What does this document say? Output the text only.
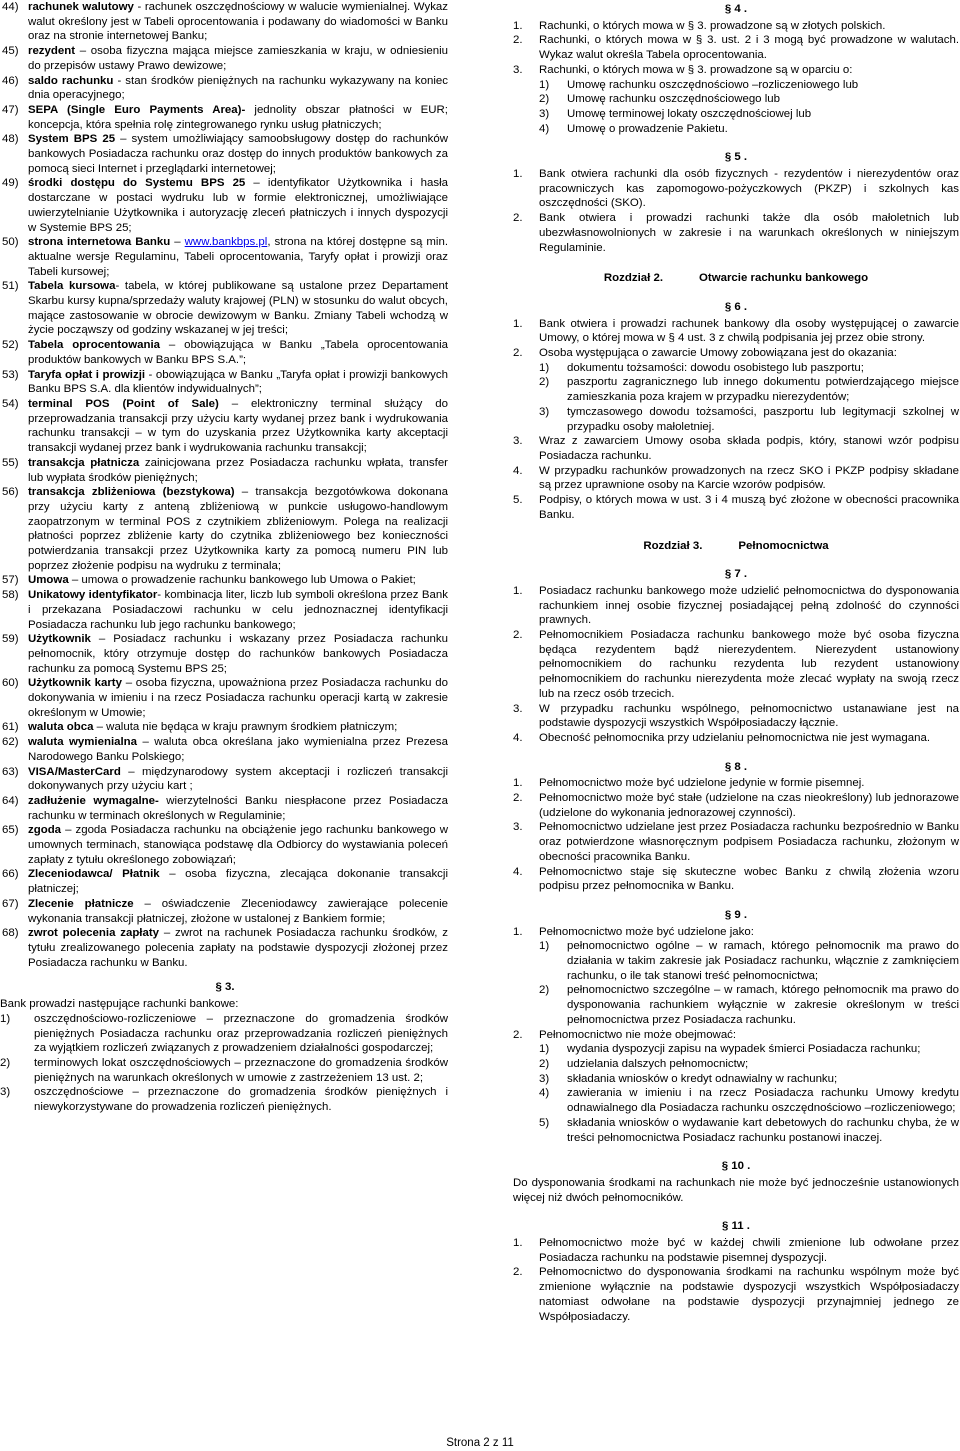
44) rachunek walutowy - rachunek oszczędnościowy w walucie wymienialnej. Wykaz walut określony jest w Tabeli oprocentowania i podawany do wiadomości w Banku oraz na stronie internetowej Banku;
45) rezydent – osoba fizyczna mająca miejsce zamieszkania w kraju, w odniesieniu do przepisów ustawy Prawo dewizowe;
46) saldo rachunku - stan środków pieniężnych na rachunku wykazywany na koniec dnia operacyjnego;
47) SEPA (Single Euro Payments Area)- jednolity obszar płatności w EUR; koncepcja, która spełnia rolę zintegrowanego rynku usług płatniczych;
48) System BPS 25 – system umożliwiający samoobsługowy dostęp do rachunków bankowych Posiadacza rachunku oraz dostęp do innych produktów bankowych za pomocą sieci Internet i przeglądarki internetowej;
49) środki dostępu do Systemu BPS 25 – identyfikator Użytkownika i hasła dostarczane w postaci wydruku lub w formie elektronicznej, umożliwiające uwierzytelnianie Użytkownika i autoryzację zleceń płatniczych i innych dyspozycji w Systemie BPS 25;
50) strona internetowa Banku – www.bankbps.pl, strona na której dostępne są min. aktualne wersje Regulaminu, Tabeli oprocentowania, Taryfy opłat i prowizji oraz Tabeli kursowej;
51) Tabela kursowa- tabela, w której publikowane są ustalone przez Departament Skarbu kursy kupna/sprzedaży waluty krajowej (PLN) w stosunku do walut obcych, mające zastosowanie w obrocie dewizowym w Banku. Zmiany Tabeli wchodzą w życie począwszy od godziny wskazanej w jej treści;
52) Tabela oprocentowania – obowiązująca w Banku „Tabela oprocentowania produktów bankowych w Banku BPS S.A.”;
53) Taryfa opłat i prowizji - obowiązująca w Banku „Taryfa opłat i prowizji bankowych Banku BPS S.A. dla klientów indywidualnych”;
54) terminal POS (Point of Sale) – elektroniczny terminal służący do przeprowadzania transakcji przy użyciu karty wydanej przez bank i wydrukowania rachunku transakcji – w tym do uzyskania przez Użytkownika karty akceptacji transakcji wydanej przez bank i wydrukowania rachunku transakcji;
55) transakcja płatnicza zainicjowana przez Posiadacza rachunku wpłata, transfer lub wypłata środków pieniężnych;
56) transakcja zbliżeniowa (bezstykowa) – transakcja bezgotówkowa dokonana przy użyciu karty z anteną zbliżeniową w punkcie usługowo-handlowym zaopatrzonym w terminal POS z czytnikiem zbliżeniowym. Polega na realizacji płatności poprzez zbliżenie karty do czytnika zbliżeniowego bez konieczności potwierdzania transakcji przez Użytkownika karty za pomocą numeru PIN lub poprzez złożenie podpisu na wydruku z terminala;
57) Umowa – umowa o prowadzenie rachunku bankowego lub Umowa o Pakiet;
58) Unikatowy identyfikator- kombinacja liter, liczb lub symboli określona przez Bank i przekazana Posiadaczowi rachunku w celu jednoznacznej identyfikacji Posiadacza rachunku lub jego rachunku bankowego;
59) Użytkownik – Posiadacz rachunku i wskazany przez Posiadacza rachunku pełnomocnik, który otrzymuje dostęp do rachunków bankowych Posiadacza rachunku za pomocą Systemu BPS 25;
60) Użytkownik karty – osoba fizyczna, upoważniona przez Posiadacza rachunku do dokonywania w imieniu i na rzecz Posiadacza rachunku operacji kartą w zakresie określonym w Umowie;
61) waluta obca – waluta nie będąca w kraju prawnym środkiem płatniczym;
62) waluta wymienialna – waluta obca określana jako wymienialna przez Prezesa Narodowego Banku Polskiego;
63) VISA/MasterCard – międzynarodowy system akceptacji i rozliczeń transakcji dokonywanych przy użyciu kart ;
64) zadłużenie wymagalne- wierzytelności Banku niespłacone przez Posiadacza rachunku w terminach określonych w Regulaminie;
65) zgoda – zgoda Posiadacza rachunku na obciążenie jego rachunku bankowego w umownych terminach, stanowiąca podstawę dla Odbiorcy do wystawiania poleceń zapłaty z tytułu określonego zobowiązań;
66) Zleceniodawca/ Płatnik – osoba fizyczna, zlecająca dokonanie transakcji płatniczej;
67) Zlecenie płatnicze – oświadczenie Zleceniodawcy zawierające polecenie wykonania transakcji płatniczej, złożone w ustalonej z Bankiem formie;
68) zwrot polecenia zapłaty – zwrot na rachunek Posiadacza rachunku środków, z tytułu zrealizowanego polecenia zapłaty na podstawie dyspozycji złożonej przez Posiadacza rachunku w Banku.
§ 3.
Bank prowadzi następujące rachunki bankowe:
1)	oszczędnościowo-rozliczeniowe – przeznaczone do gromadzenia środków pieniężnych Posiadacza rachunku oraz przeprowadzania rozliczeń pieniężnych za wyjątkiem rozliczeń związanych z prowadzeniem działalności gospodarczej;
2)	terminowych lokat oszczędnościowych – przeznaczone do gromadzenia środków pieniężnych na warunkach określonych w umowie z zastrzeżeniem 13 ust. 2;
3)	oszczędnościowe – przeznaczone do gromadzenia środków pieniężnych i niewykorzystywane do prowadzenia rozliczeń pieniężnych.
§ 4 .
1.	Rachunki, o których mowa w § 3. prowadzone są w złotych polskich.
2.	Rachunki, o których mowa w § 3. ust. 2 i 3 mogą być prowadzone w walutach. Wykaz walut określa Tabela oprocentowania.
3.	Rachunki, o których mowa w § 3. prowadzone są w oparciu o:
1)	Umowę rachunku oszczędnościowo –rozliczeniowego lub
2)	Umowę rachunku oszczędnościowego lub
3)	Umowę terminowej lokaty oszczędnościowej lub
4)	Umowę o prowadzenie Pakietu.
§ 5 .
1.	Bank otwiera rachunki dla osób fizycznych - rezydentów i nierezydentów oraz pracowniczych kas zapomogowo-pożyczkowych (PKZP) i szkolnych kas oszczędności (SKO).
2.	Bank otwiera i prowadzi rachunki także dla osób małoletnich lub ubezwłasnowolnionych w zakresie i na warunkach określonych w niniejszym Regulaminie.
Rozdział 2.	Otwarcie rachunku bankowego
§ 6 .
1.	Bank otwiera i prowadzi rachunek bankowy dla osoby występującej o zawarcie Umowy, o której mowa w § 4 ust. 3 z chwilą podpisania jej przez obie strony.
2.	Osoba występująca o zawarcie Umowy zobowiązana jest do okazania:
1)	dokumentu tożsamości: dowodu osobistego lub paszportu;
2)	paszportu zagranicznego lub innego dokumentu potwierdzającego miejsce zamieszkania poza krajem w przypadku nierezydentów;
3)	tymczasowego dowodu tożsamości, paszportu lub legitymacji szkolnej w przypadku osoby małoletniej.
3.	Wraz z zawarciem Umowy osoba składa podpis, który, stanowi wzór podpisu Posiadacza rachunku.
4.	W przypadku rachunków prowadzonych na rzecz SKO i PKZP podpisy składane są przez uprawnione osoby na Karcie wzorów podpisów.
5.	Podpisy, o których mowa w ust. 3 i 4 muszą być złożone w obecności pracownika Banku.
Rozdział 3.	Pełnomocnictwa
§ 7 .
1.	Posiadacz rachunku bankowego może udzielić pełnomocnictwa do dysponowania rachunkiem innej osobie fizycznej posiadającej pełną zdolność do czynności prawnych.
2.	Pełnomocnikiem Posiadacza rachunku bankowego może być osoba fizyczna będąca rezydentem bądź nierezydentem. Nierezydent ustanowiony pełnomocnikiem do rachunku rezydenta lub rezydent ustanowiony pełnomocnikiem do rachunku nierezydenta może zlecać wypłaty na swoją rzecz lub na rzecz osób trzecich.
3.	W przypadku rachunku wspólnego, pełnomocnictwo ustanawiane jest na podstawie dyspozycji wszystkich Współposiadaczy łącznie.
4.	Obecność pełnomocnika przy udzielaniu pełnomocnictwa nie jest wymagana.
§ 8 .
1.	Pełnomocnictwo może być udzielone jedynie w formie pisemnej.
2.	Pełnomocnictwo może być stałe (udzielone na czas nieokreślony) lub jednorazowe (udzielone do wykonania jednorazowej czynności).
3.	Pełnomocnictwo udzielane jest przez Posiadacza rachunku bezpośrednio w Banku oraz potwierdzone własnoręcznym podpisem Posiadacza rachunku, złożonym w obecności pracownika Banku.
4.	Pełnomocnictwo staje się skuteczne wobec Banku z chwilą złożenia wzoru podpisu przez pełnomocnika w Banku.
§ 9 .
1.	Pełnomocnictwo może być udzielone jako:
1)	pełnomocnictwo ogólne – w ramach, którego pełnomocnik ma prawo do działania w takim zakresie jak Posiadacz rachunku, włącznie z zamknięciem rachunku, o ile tak stanowi treść pełnomocnictwa;
2)	pełnomocnictwo szczególne – w ramach, którego pełnomocnik ma prawo do dysponowania rachunkiem wyłącznie w zakresie określonym w treści pełnomocnictwa przez Posiadacza rachunku.
2.	Pełnomocnictwo nie może obejmować:
1)	wydania dyspozycji zapisu na wypadek śmierci Posiadacza rachunku;
2)	udzielania dalszych pełnomocnictw;
3)	składania wniosków o kredyt odnawialny w rachunku;
4)	zawierania w imieniu i na rzecz Posiadacza rachunku Umowy kredytu odnawialnego dla Posiadacza rachunku oszczędnościowo –rozliczeniowego;
5)	składania wniosków o wydawanie kart debetowych do rachunku chyba, że w treści pełnomocnictwa Posiadacz rachunku postanowi inaczej.
§ 10 .
Do dysponowania środkami na rachunkach nie może być jednocześnie ustanowionych więcej niż dwóch pełnomocników.
§ 11 .
1.	Pełnomocnictwo może być w każdej chwili zmienione lub odwołane przez Posiadacza rachunku na podstawie pisemnej dyspozycji.
2.	Pełnomocnictwo do dysponowania środkami na rachunku wspólnym może być zmienione wyłącznie na podstawie dyspozycji wszystkich Współposiadaczy natomiast odwołane na podstawie dyspozycji przynajmniej jednego ze Współposiadaczy.
Strona 2 z 11
